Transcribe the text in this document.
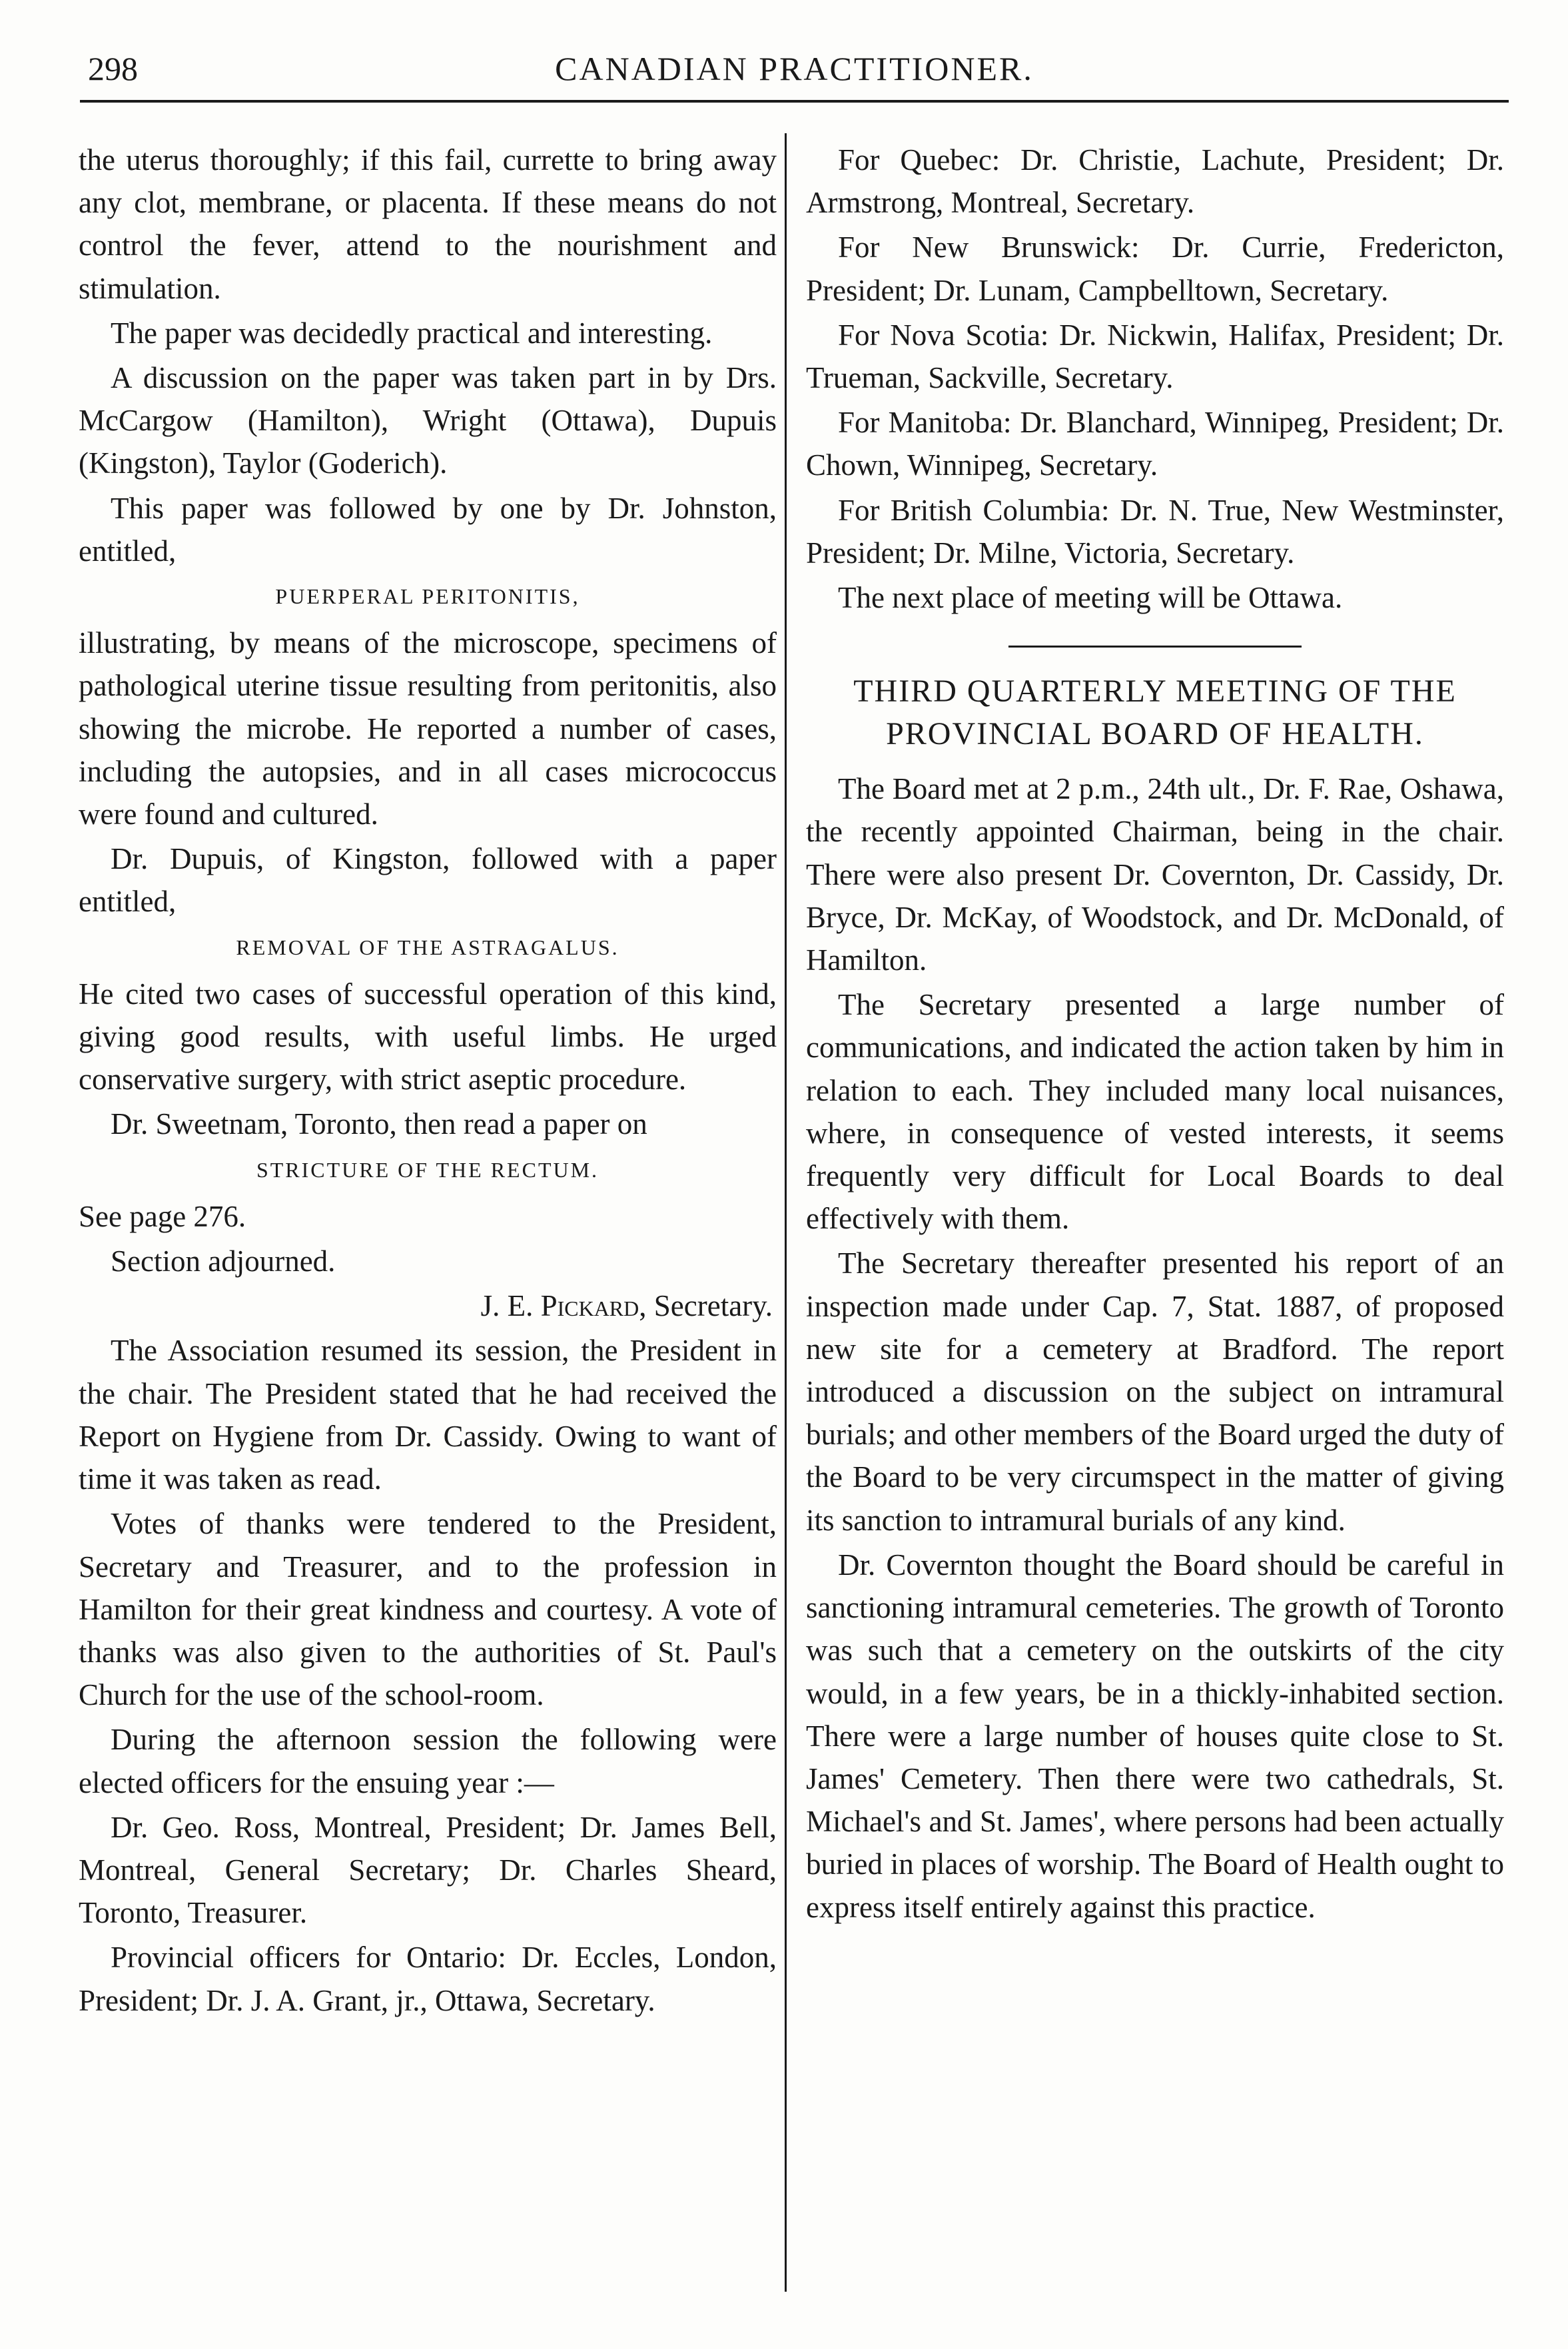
298	CANADIAN PRACTITIONER.

the uterus thoroughly; if this fail, currette to bring away any clot, membrane, or placenta. If these means do not control the fever, attend to the nourishment and stimulation.

The paper was decidedly practical and interesting.

A discussion on the paper was taken part in by Drs. McCargow (Hamilton), Wright (Ottawa), Dupuis (Kingston), Taylor (Goderich).

This paper was followed by one by Dr. Johnston, entitled,

PUERPERAL PERITONITIS,

illustrating, by means of the microscope, specimens of pathological uterine tissue resulting from peritonitis, also showing the microbe. He reported a number of cases, including the autopsies, and in all cases micrococcus were found and cultured.

Dr. Dupuis, of Kingston, followed with a paper entitled,

REMOVAL OF THE ASTRAGALUS.

He cited two cases of successful operation of this kind, giving good results, with useful limbs. He urged conservative surgery, with strict aseptic procedure.

Dr. Sweetnam, Toronto, then read a paper on

STRICTURE OF THE RECTUM.

See page 276.

Section adjourned.

J. E. Pickard, Secretary.

The Association resumed its session, the President in the chair. The President stated that he had received the Report on Hygiene from Dr. Cassidy. Owing to want of time it was taken as read.

Votes of thanks were tendered to the President, Secretary and Treasurer, and to the profession in Hamilton for their great kindness and courtesy. A vote of thanks was also given to the authorities of St. Paul's Church for the use of the school-room.

During the afternoon session the following were elected officers for the ensuing year :—

Dr. Geo. Ross, Montreal, President; Dr. James Bell, Montreal, General Secretary; Dr. Charles Sheard, Toronto, Treasurer.

Provincial officers for Ontario: Dr. Eccles, London, President; Dr. J. A. Grant, jr., Ottawa, Secretary.

For Quebec: Dr. Christie, Lachute, President; Dr. Armstrong, Montreal, Secretary.

For New Brunswick: Dr. Currie, Fredericton, President; Dr. Lunam, Campbelltown, Secretary.

For Nova Scotia: Dr. Nickwin, Halifax, President; Dr. Trueman, Sackville, Secretary.

For Manitoba: Dr. Blanchard, Winnipeg, President; Dr. Chown, Winnipeg, Secretary.

For British Columbia: Dr. N. True, New Westminster, President; Dr. Milne, Victoria, Secretary.

The next place of meeting will be Ottawa.

THIRD QUARTERLY MEETING OF THE PROVINCIAL BOARD OF HEALTH.

The Board met at 2 p.m., 24th ult., Dr. F. Rae, Oshawa, the recently appointed Chairman, being in the chair. There were also present Dr. Covernton, Dr. Cassidy, Dr. Bryce, Dr. McKay, of Woodstock, and Dr. McDonald, of Hamilton.

The Secretary presented a large number of communications, and indicated the action taken by him in relation to each. They included many local nuisances, where, in consequence of vested interests, it seems frequently very difficult for Local Boards to deal effectively with them.

The Secretary thereafter presented his report of an inspection made under Cap. 7, Stat. 1887, of proposed new site for a cemetery at Bradford. The report introduced a discussion on the subject on intramural burials; and other members of the Board urged the duty of the Board to be very circumspect in the matter of giving its sanction to intramural burials of any kind.

Dr. Covernton thought the Board should be careful in sanctioning intramural cemeteries. The growth of Toronto was such that a cemetery on the outskirts of the city would, in a few years, be in a thickly-inhabited section. There were a large number of houses quite close to St. James' Cemetery. Then there were two cathedrals, St. Michael's and St. James', where persons had been actually buried in places of worship. The Board of Health ought to express itself entirely against this practice.
